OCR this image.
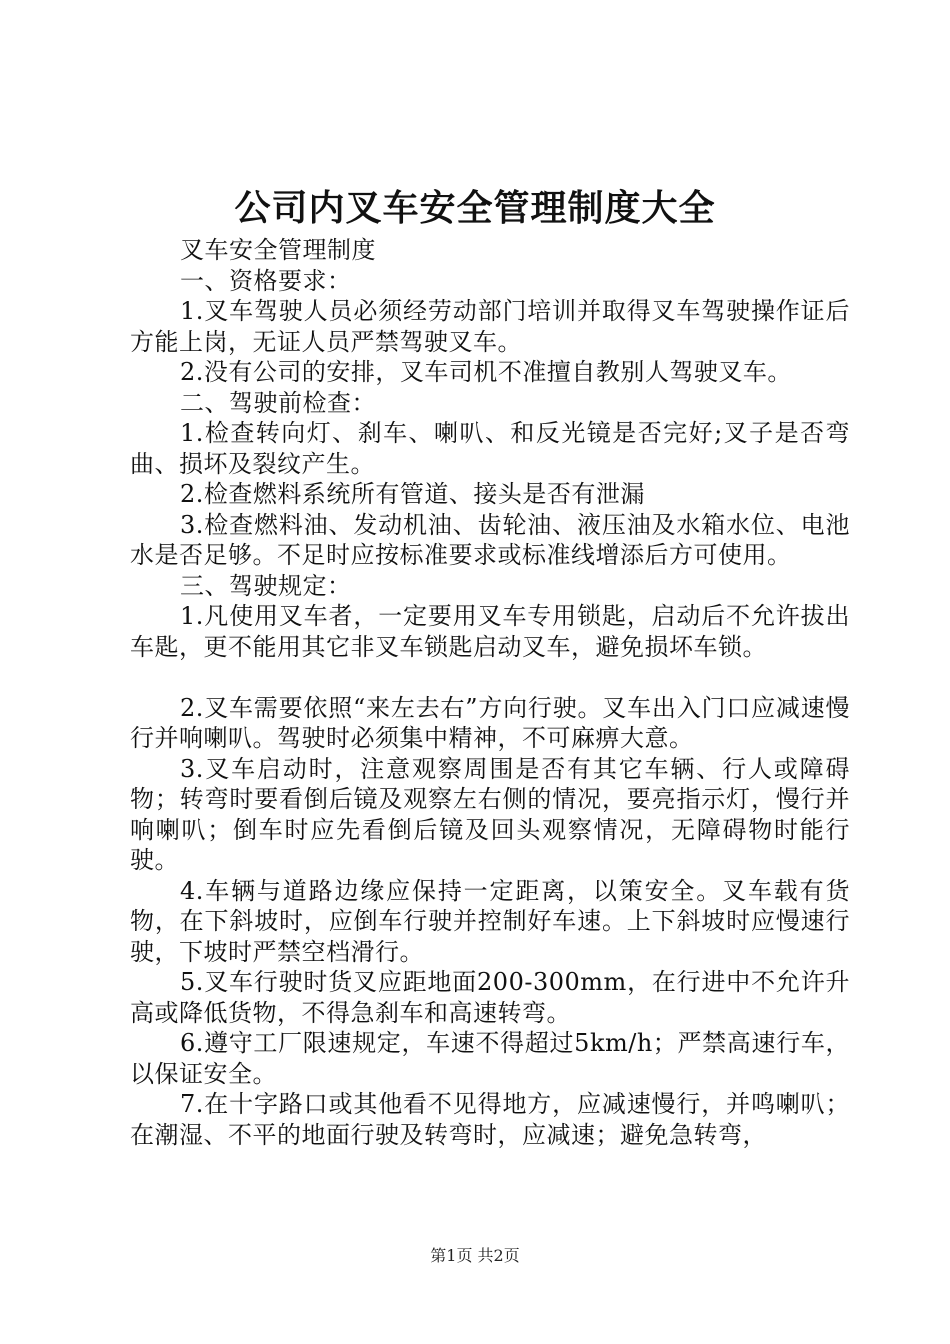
公司内叉车安全管理制度大全

叉车安全管理制度

一、资格要求：

1.叉车驾驶人员必须经劳动部门培训并取得叉车驾驶操作证后方能上岗，无证人员严禁驾驶叉车。

2.没有公司的安排，叉车司机不准擅自教别人驾驶叉车。

二、驾驶前检查：

1.检查转向灯、刹车、喇叭、和反光镜是否完好;叉子是否弯曲、损坏及裂纹产生。

2.检查燃料系统所有管道、接头是否有泄漏

3.检查燃料油、发动机油、齿轮油、液压油及水箱水位、电池水是否足够。不足时应按标准要求或标准线增添后方可使用。

三、驾驶规定：

1.凡使用叉车者，一定要用叉车专用锁匙，启动后不允许拔出车匙，更不能用其它非叉车锁匙启动叉车，避免损坏车锁。

2.叉车需要依照“来左去右”方向行驶。叉车出入门口应减速慢行并响喇叭。驾驶时必须集中精神，不可麻痹大意。

3.叉车启动时，注意观察周围是否有其它车辆、行人或障碍物；转弯时要看倒后镜及观察左右侧的情况，要亮指示灯，慢行并响喇叭；倒车时应先看倒后镜及回头观察情况，无障碍物时能行驶。

4.车辆与道路边缘应保持一定距离，以策安全。叉车载有货物，在下斜坡时，应倒车行驶并控制好车速。上下斜坡时应慢速行驶，下坡时严禁空档滑行。

5.叉车行驶时货叉应距地面200-300mm，在行进中不允许升高或降低货物，不得急刹车和高速转弯。

6.遵守工厂限速规定，车速不得超过5km/h；严禁高速行车，以保证安全。

7.在十字路口或其他看不见得地方，应减速慢行，并鸣喇叭；在潮湿、不平的地面行驶及转弯时，应减速；避免急转弯，

第1页 共2页
